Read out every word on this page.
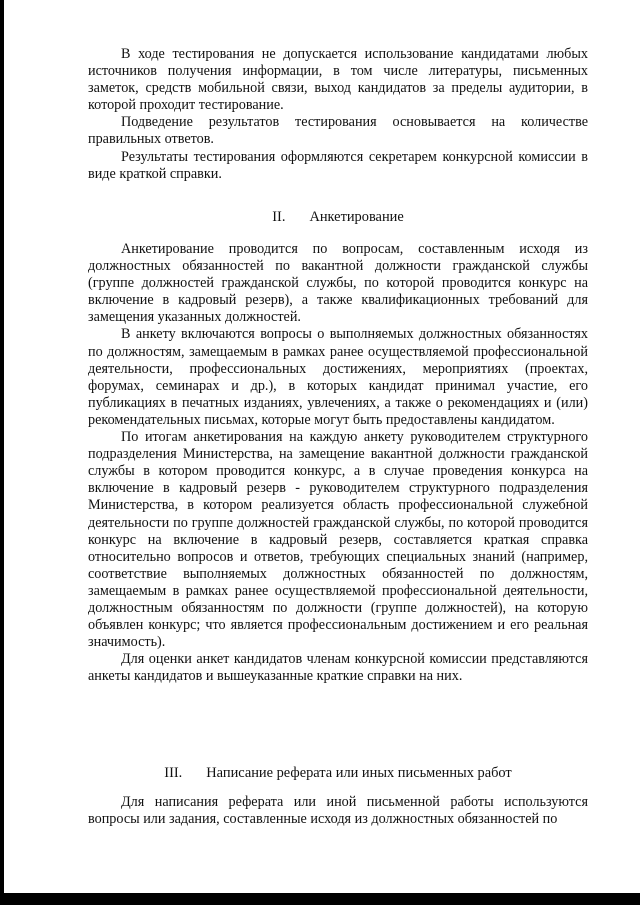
В ходе тестирования не допускается использование кандидатами любых источников получения информации, в том числе литературы, письменных заметок, средств мобильной связи, выход кандидатов за пределы аудитории, в которой проходит тестирование.

Подведение результатов тестирования основывается на количестве правильных ответов.

Результаты тестирования оформляются секретарем конкурсной комиссии в виде краткой справки.

II. Анкетирование

Анкетирование проводится по вопросам, составленным исходя из должностных обязанностей по вакантной должности гражданской службы (группе должностей гражданской службы, по которой проводится конкурс на включение в кадровый резерв), а также квалификационных требований для замещения указанных должностей.

В анкету включаются вопросы о выполняемых должностных обязанностях по должностям, замещаемым в рамках ранее осуществляемой профессиональной деятельности, профессиональных достижениях, мероприятиях (проектах, форумах, семинарах и др.), в которых кандидат принимал участие, его публикациях в печатных изданиях, увлечениях, а также о рекомендациях и (или) рекомендательных письмах, которые могут быть предоставлены кандидатом.

По итогам анкетирования на каждую анкету руководителем структурного подразделения Министерства, на замещение вакантной должности гражданской службы в котором проводится конкурс, а в случае проведения конкурса на включение в кадровый резерв - руководителем структурного подразделения Министерства, в котором реализуется область профессиональной служебной деятельности по группе должностей гражданской службы, по которой проводится конкурс на включение в кадровый резерв, составляется краткая справка относительно вопросов и ответов, требующих специальных знаний (например, соответствие выполняемых должностных обязанностей по должностям, замещаемым в рамках ранее осуществляемой профессиональной деятельности, должностным обязанностям по должности (группе должностей), на которую объявлен конкурс; что является профессиональным достижением и его реальная значимость).

Для оценки анкет кандидатов членам конкурсной комиссии представляются анкеты кандидатов и вышеуказанные краткие справки на них.

III. Написание реферата или иных письменных работ

Для написания реферата или иной письменной работы используются вопросы или задания, составленные исходя из должностных обязанностей по
